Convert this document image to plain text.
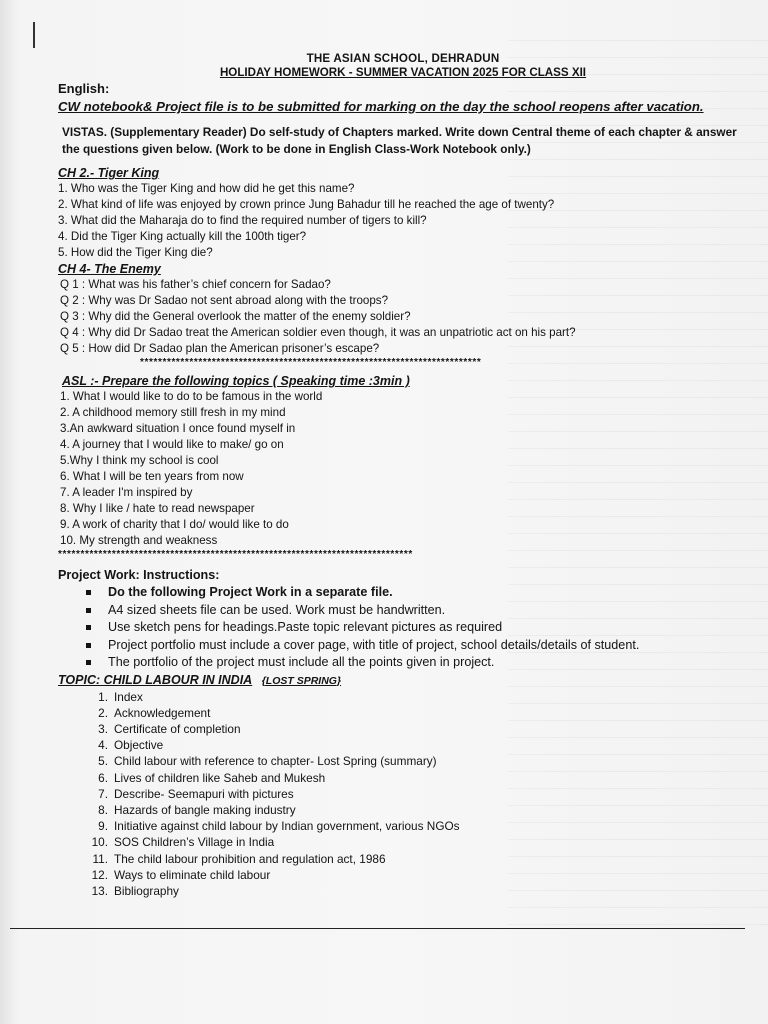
THE ASIAN SCHOOL, DEHRADUN
HOLIDAY HOMEWORK - SUMMER VACATION 2025 FOR CLASS XII
English:
CW notebook& Project file is to be submitted for marking on the day the school reopens after vacation.
VISTAS. (Supplementary Reader) Do self-study of Chapters marked. Write down Central theme of each chapter & answer the questions given below. (Work to be done in English Class-Work Notebook only.)
CH 2.- Tiger King
1. Who was the Tiger King and how did he get this name?
2. What kind of life was enjoyed by crown prince Jung Bahadur till he reached the age of twenty?
3. What did the Maharaja do to find the required number of tigers to kill?
4. Did the Tiger King actually kill the 100th tiger?
5. How did the Tiger King die?
CH 4- The Enemy
Q 1 : What was his father’s chief concern for Sadao?
Q 2 : Why was Dr Sadao not sent abroad along with the troops?
Q 3 : Why did the General overlook the matter of the enemy soldier?
Q 4 : Why did Dr Sadao treat the American soldier even though, it was an unpatriotic act on his part?
Q 5 : How did Dr Sadao plan the American prisoner’s escape?
****************************************************************************
ASL :- Prepare the following topics ( Speaking time :3min )
1. What I would like to do to be famous in the world
2. A childhood memory still fresh in my mind
3.An awkward situation I once found myself in
4. A journey that I would like to make/ go on
5.Why I think my school is cool
6. What I will be ten years from now
7. A leader I'm inspired by
8. Why I like / hate to read newspaper
9. A work of charity that I do/ would like to do
10. My strength and weakness
*******************************************************************************
Project Work: Instructions:
Do the following Project Work in a separate file.
A4 sized sheets file can be used. Work must be handwritten.
Use sketch pens for headings.Paste topic relevant pictures as required
Project portfolio must include a cover page, with title of project, school details/details of student.
The portfolio of the project must include all the points given in project.
TOPIC: CHILD LABOUR IN INDIA {LOST SPRING}
1. Index
2. Acknowledgement
3. Certificate of completion
4. Objective
5. Child labour with reference to chapter- Lost Spring (summary)
6. Lives of children like Saheb and Mukesh
7. Describe- Seemapuri with pictures
8. Hazards of bangle making industry
9. Initiative against child labour by Indian government, various NGOs
10. SOS Children’s Village in India
11. The child labour prohibition and regulation act, 1986
12. Ways to eliminate child labour
13. Bibliography
